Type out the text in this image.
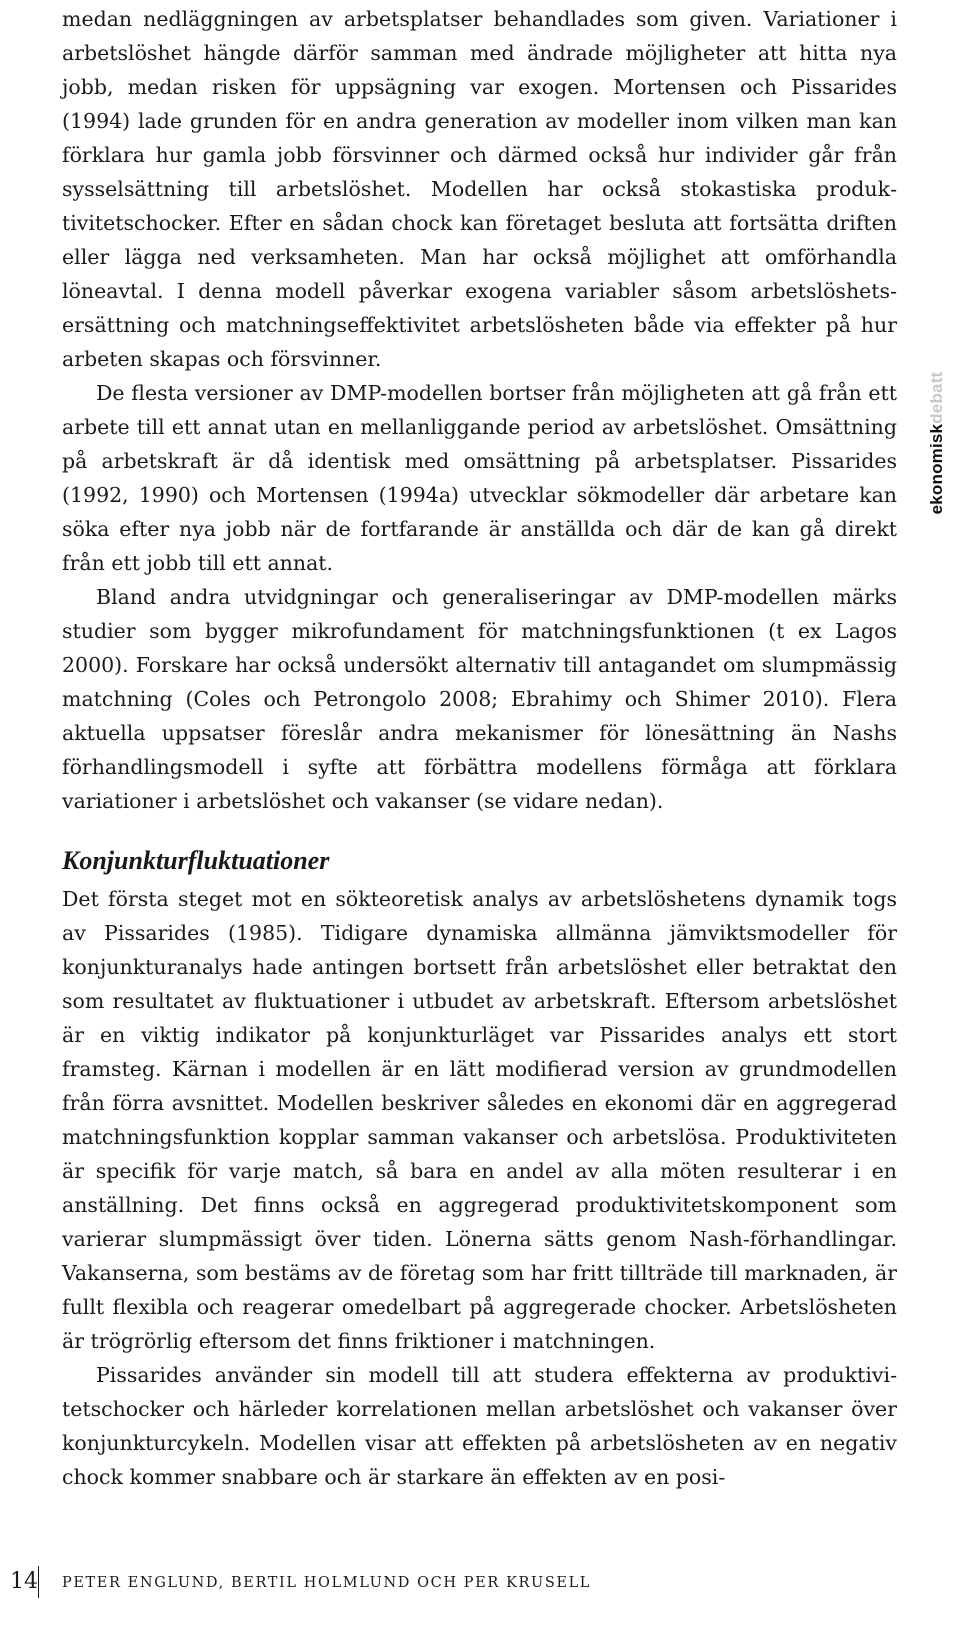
medan nedläggningen av arbetsplatser behandlades som given. Variationer i arbetslöshet hängde därför samman med ändrade möjligheter att hitta nya jobb, medan risken för uppsägning var exogen. Mortensen och Pissarides (1994) lade grunden för en andra generation av modeller inom vilken man kan förklara hur gamla jobb försvinner och därmed också hur individer går från sysselsättning till arbetslöshet. Modellen har också stokastiska produktivitetschocker. Efter en sådan chock kan företaget besluta att fortsätta driften eller lägga ned verksamheten. Man har också möjlighet att omförhandla löneavtal. I denna modell påverkar exogena variabler såsom arbetslöshetsersättning och matchningseffektivitet arbetslösheten både via effekter på hur arbeten skapas och försvinner.

De flesta versioner av DMP-modellen bortser från möjligheten att gå från ett arbete till ett annat utan en mellanliggande period av arbetslöshet. Omsättning på arbetskraft är då identisk med omsättning på arbetsplatser. Pissarides (1992, 1990) och Mortensen (1994a) utvecklar sökmodeller där arbetare kan söka efter nya jobb när de fortfarande är anställda och där de kan gå direkt från ett jobb till ett annat.

Bland andra utvidgningar och generaliseringar av DMP-modellen märks studier som bygger mikrofundament för matchningsfunktionen (t ex Lagos 2000). Forskare har också undersökt alternativ till antagandet om slumpmässig matchning (Coles och Petrongolo 2008; Ebrahimy och Shimer 2010). Flera aktuella uppsatser föreslår andra mekanismer för lönesättning än Nashs förhandlingsmodell i syfte att förbättra modellens förmåga att förklara variationer i arbetslöshet och vakanser (se vidare nedan).

Konjunkturfluktuationer

Det första steget mot en sökteoretisk analys av arbetslöshetens dynamik togs av Pissarides (1985). Tidigare dynamiska allmänna jämviktsmodeller för konjunkturanalys hade antingen bortsett från arbetslöshet eller betraktat den som resultatet av fluktuationer i utbudet av arbetskraft. Eftersom arbetslöshet är en viktig indikator på konjunkturläget var Pissarides analys ett stort framsteg. Kärnan i modellen är en lätt modifierad version av grundmodellen från förra avsnittet. Modellen beskriver således en ekonomi där en aggregerad matchningsfunktion kopplar samman vakanser och arbetslösa. Produktiviteten är specifik för varje match, så bara en andel av alla möten resulterar i en anställning. Det finns också en aggregerad produktivitetskomponent som varierar slumpmässigt över tiden. Lönerna sätts genom Nash-förhandlingar. Vakanserna, som bestäms av de företag som har fritt tillträde till marknaden, är fullt flexibla och reagerar omedelbart på aggregerade chocker. Arbetslösheten är trögrörlig eftersom det finns friktioner i matchningen.

Pissarides använder sin modell till att studera effekterna av produktivitetschocker och härleder korrelationen mellan arbetslöshet och vakanser över konjunkturcykeln. Modellen visar att effekten på arbetslösheten av en negativ chock kommer snabbare och är starkare än effekten av en posi-

ekonomiskdebatt
14 PETER ENGLUND, BERTIL HOLMLUND OCH PER KRUSELL
